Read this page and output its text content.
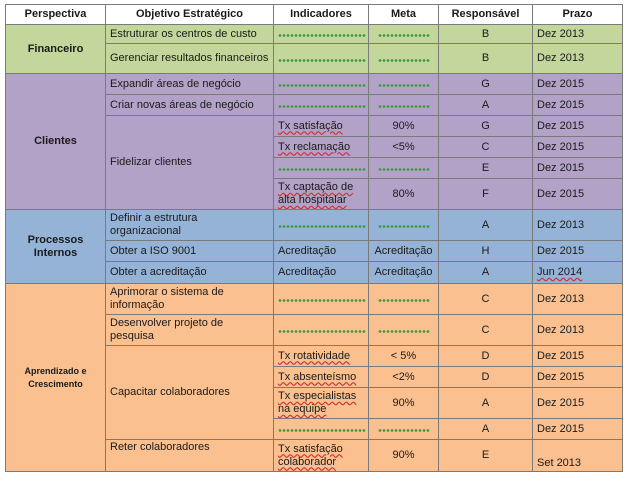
Perspectiva	Objetivo Estratégico	Indicadores	Meta	Responsável	Prazo
Financeiro	Estruturar os centros de custo			B	Dez 2013
	Gerenciar resultados financeiros			B	Dez 2013
Clientes	Expandir áreas de negócio			G	Dez 2015
	Criar novas áreas de negócio			A	Dez 2015
	Fidelizar clientes	Tx satisfação	90%	G	Dez 2015
		Tx reclamação	<5%	C	Dez 2015
				E	Dez 2015
		Tx captação de alta hospitalar	80%	F	Dez 2015
Processos Internos	Definir a estrutura organizacional			A	Dez 2013
	Obter a ISO 9001	Acreditação	Acreditação	H	Dez 2015
	Obter a acreditação	Acreditação	Acreditação	A	Jun 2014
Aprendizado e Crescimento	Aprimorar o sistema de informação			C	Dez 2013
	Desenvolver projeto de pesquisa			C	Dez 2013
	Capacitar colaboradores	Tx rotatividade	< 5%	D	Dez 2015
		Tx absenteísmo	<2%	D	Dez 2015
		Tx especialistas na equipe	90%	A	Dez 2015
				A	Dez 2015
	Reter colaboradores	Tx satisfação colaborador	90%	E	Set 2013
